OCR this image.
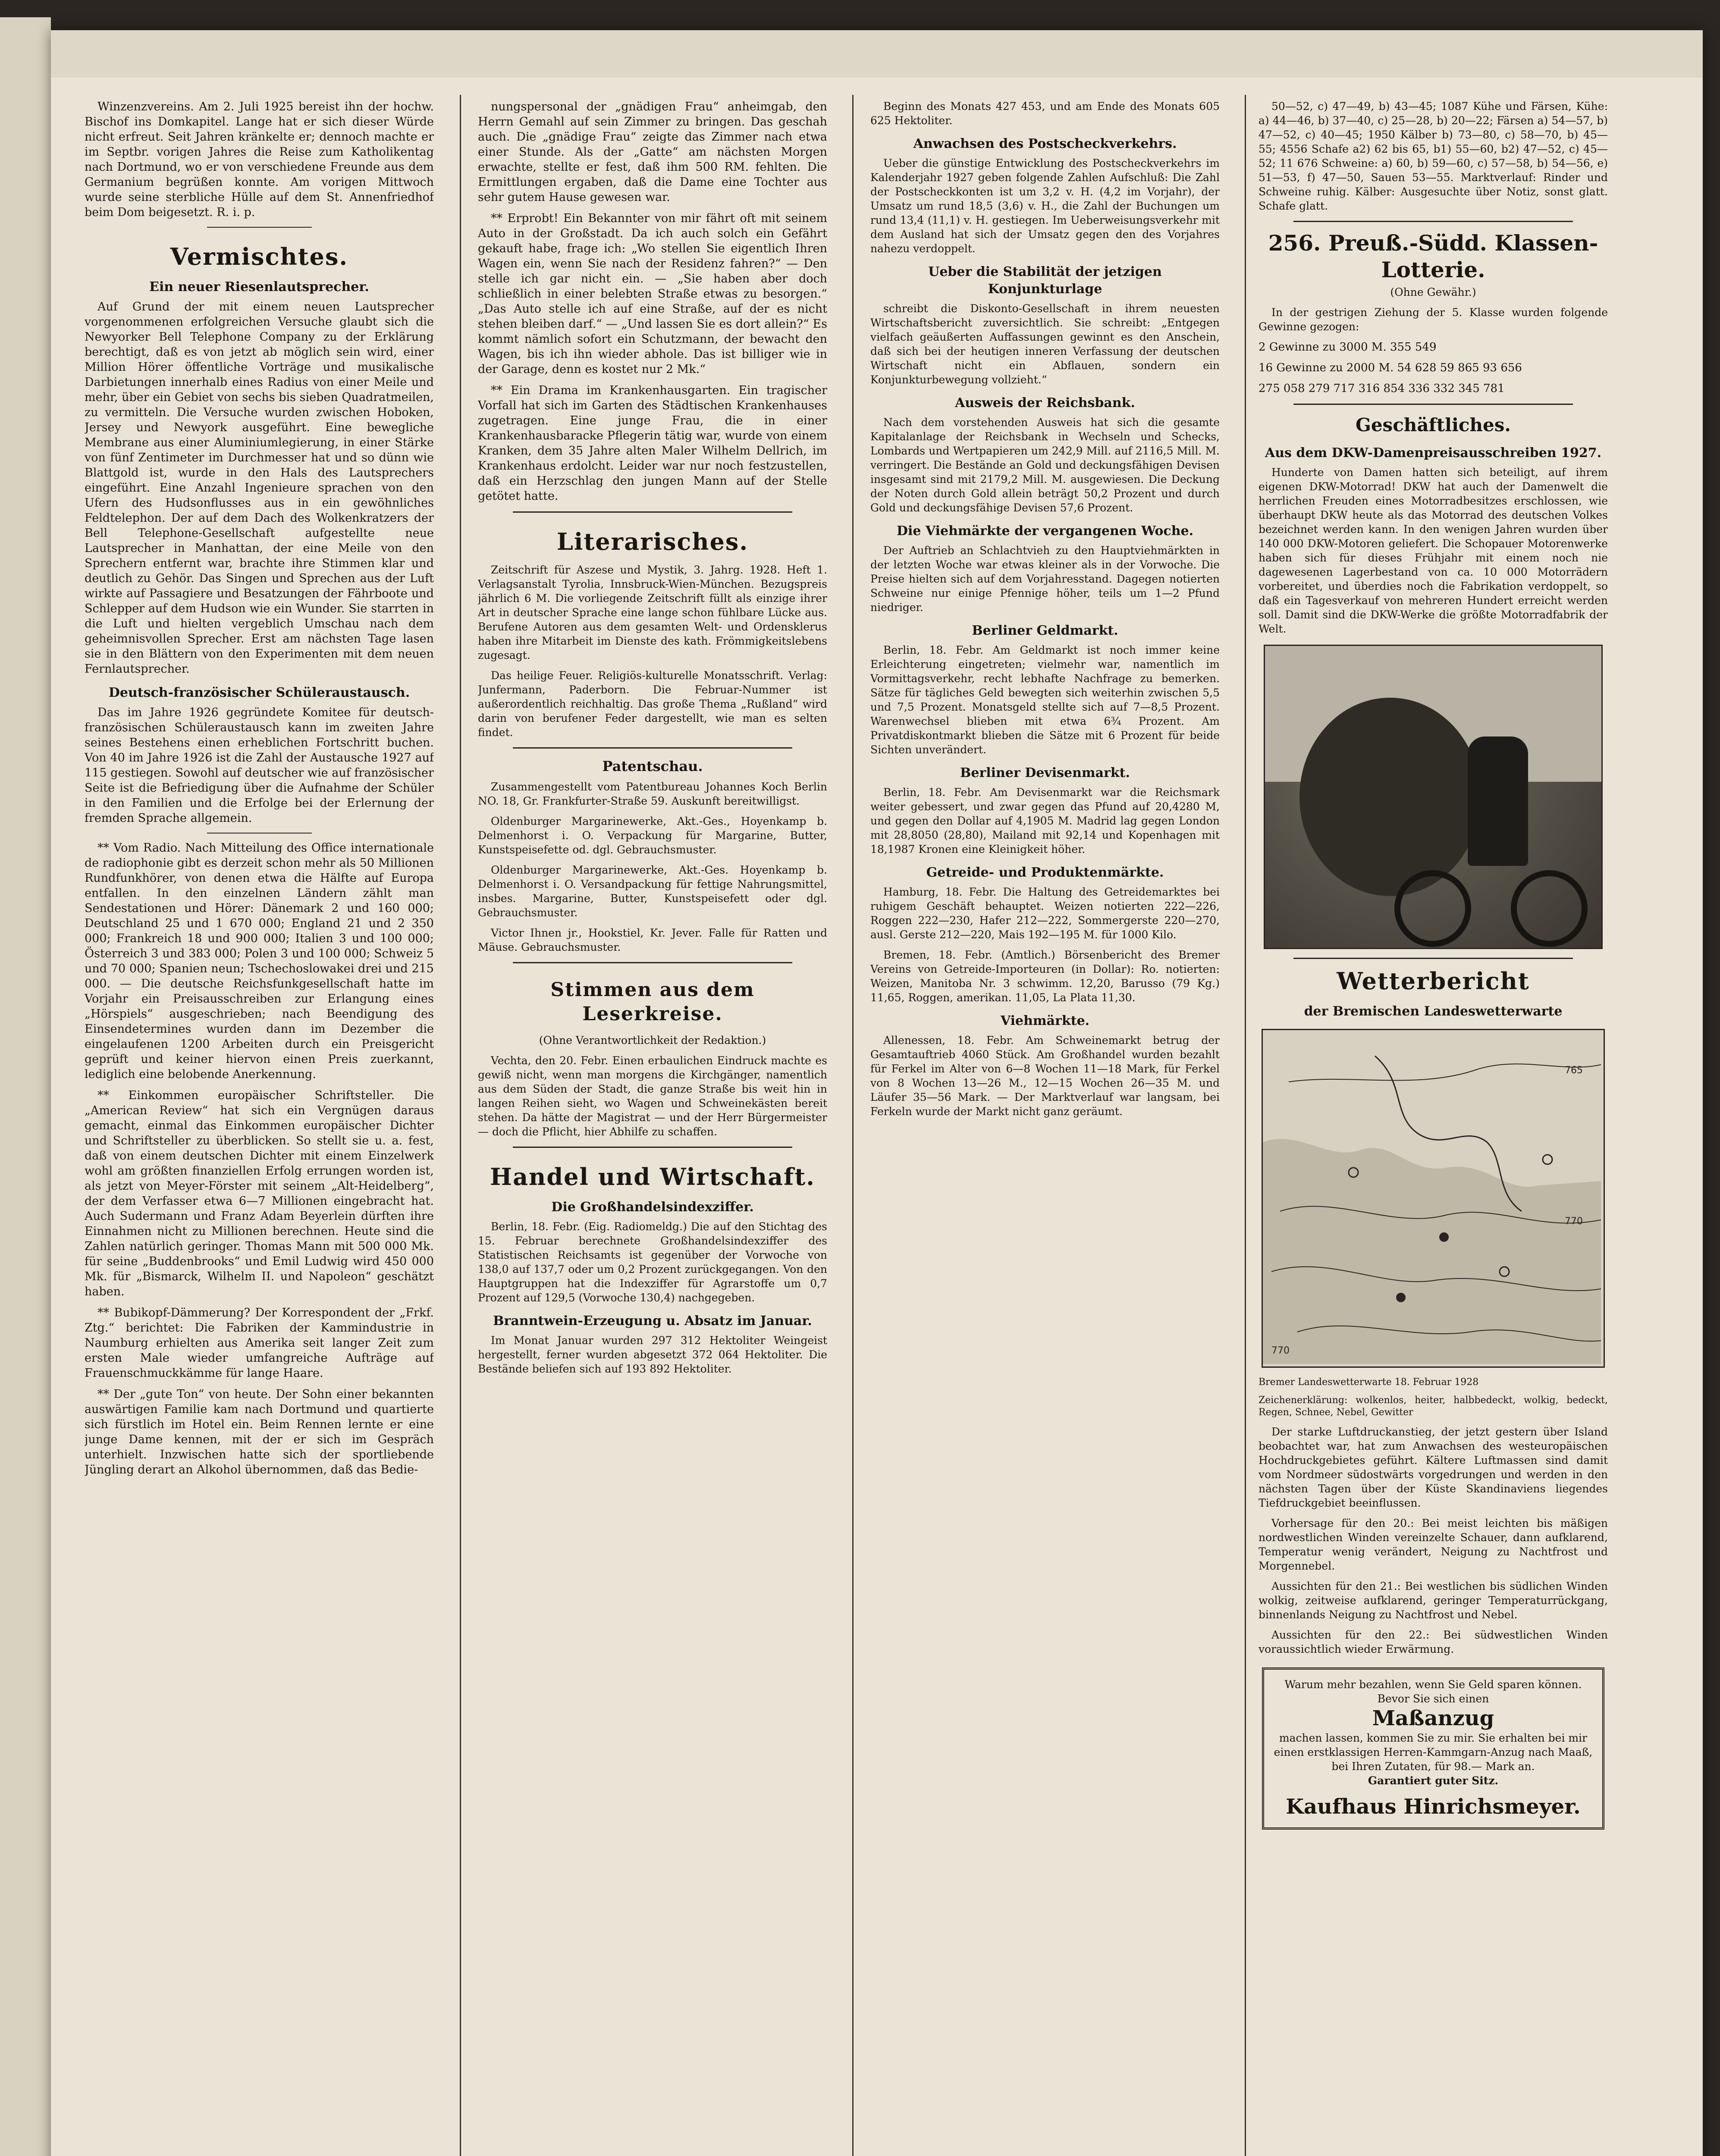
Winzenzvereins. Am 2. Juli 1925 bereist ihn der hochw. Bischof ins Domkapitel. Lange hat er sich dieser Würde nicht erfreut. Seit Jahren kränkelte er; dennoch machte er im Septbr. vorigen Jahres die Reise zum Katholikentag nach Dortmund, wo er von verschiedene Freunde aus dem Germanium begrüßen konnte. Am vorigen Mittwoch wurde seine sterbliche Hülle auf dem St. Annenfriedhof beim Dom beigesetzt. R. i. p.

Vermischtes.
Ein neuer Riesenlautsprecher.

Auf Grund der mit einem neuen Lautsprecher vorgenommenen erfolgreichen Versuche glaubt sich die Newyorker Bell Telephone Company zu der Erklärung berechtigt, daß es von jetzt ab möglich sein wird, einer Million Hörer öffentliche Vorträge und musikalische Darbietungen innerhalb eines Radius von einer Meile und mehr, über ein Gebiet von sechs bis sieben Quadratmeilen, zu vermitteln. Die Versuche wurden zwischen Hoboken, Jersey und Newyork ausgeführt. Eine bewegliche Membrane aus einer Aluminiumlegierung, in einer Stärke von fünf Zentimeter im Durchmesser hat und so dünn wie Blattgold ist, wurde in den Hals des Lautsprechers eingeführt. Eine Anzahl Ingenieure sprachen von den Ufern des Hudsonflusses aus in ein gewöhnliches Feldtelephon. Der auf dem Dach des Wolkenkratzers der Bell Telephone-Gesellschaft aufgestellte neue Lautsprecher in Manhattan, der eine Meile von den Sprechern entfernt war, brachte ihre Stimmen klar und deutlich zu Gehör. Das Singen und Sprechen aus der Luft wirkte auf Passagiere und Besatzungen der Fährboote und Schlepper auf dem Hudson wie ein Wunder. Sie starrten in die Luft und hielten vergeblich Umschau nach dem geheimnisvollen Sprecher. Erst am nächsten Tage lasen sie in den Blättern von den Experimenten mit dem neuen Fernlautsprecher.

Deutsch-französischer Schüleraustausch.

Das im Jahre 1926 gegründete Komitee für deutsch-französischen Schüleraustausch kann im zweiten Jahre seines Bestehens einen erheblichen Fortschritt buchen. Von 40 im Jahre 1926 ist die Zahl der Austausche 1927 auf 115 gestiegen. Sowohl auf deutscher wie auf französischer Seite ist die Befriedigung über die Aufnahme der Schüler in den Familien und die Erfolge bei der Erlernung der fremden Sprache allgemein.

** Vom Radio. Nach Mitteilung des Office internationale de radiophonie gibt es derzeit schon mehr als 50 Millionen Rundfunkhörer, von denen etwa die Hälfte auf Europa entfallen. In den einzelnen Ländern zählt man Sendestationen und Hörer: Dänemark 2 und 160 000; Deutschland 25 und 1 670 000; England 21 und 2 350 000; Frankreich 18 und 900 000; Italien 3 und 100 000; Österreich 3 und 383 000; Polen 3 und 100 000; Schweiz 5 und 70 000; Spanien neun; Tschechoslowakei drei und 215 000. — Die deutsche Reichsfunkgesellschaft hatte im Vorjahr ein Preisausschreiben zur Erlangung eines „Hörspiels“ ausgeschrieben; nach Beendigung des Einsendetermines wurden dann im Dezember die eingelaufenen 1200 Arbeiten durch ein Preisgericht geprüft und keiner hiervon einen Preis zuerkannt, lediglich eine belobende Anerkennung.

** Einkommen europäischer Schriftsteller. Die „American Review“ hat sich ein Vergnügen daraus gemacht, einmal das Einkommen europäischer Dichter und Schriftsteller zu überblicken. So stellt sie u. a. fest, daß von einem deutschen Dichter mit einem Einzelwerk wohl am größten finanziellen Erfolg errungen worden ist, als jetzt von Meyer-Förster mit seinem „Alt-Heidelberg“, der dem Verfasser etwa 6—7 Millionen eingebracht hat. Auch Sudermann und Franz Adam Beyerlein dürften ihre Einnahmen nicht zu Millionen berechnen. Heute sind die Zahlen natürlich geringer. Thomas Mann mit 500 000 Mk. für seine „Buddenbrooks“ und Emil Ludwig wird 450 000 Mk. für „Bismarck, Wilhelm II. und Napoleon“ geschätzt haben.

** Bubikopf-Dämmerung? Der Korrespondent der „Frkf. Ztg.“ berichtet: Die Fabriken der Kammindustrie in Naumburg erhielten aus Amerika seit langer Zeit zum ersten Male wieder umfangreiche Aufträge auf Frauenschmuckkämme für lange Haare.

** Der „gute Ton“ von heute. Der Sohn einer bekannten auswärtigen Familie kam nach Dortmund und quartierte sich fürstlich im Hotel ein. Beim Rennen lernte er eine junge Dame kennen, mit der er sich im Gespräch unterhielt. Inzwischen hatte sich der sportliebende Jüngling derart an Alkohol übernommen, daß das Bedie-

nungspersonal der „gnädigen Frau“ anheimgab, den Herrn Gemahl auf sein Zimmer zu bringen. Das geschah auch. Die „gnädige Frau“ zeigte das Zimmer nach etwa einer Stunde. Als der „Gatte“ am nächsten Morgen erwachte, stellte er fest, daß ihm 500 RM. fehlten. Die Ermittlungen ergaben, daß die Dame eine Tochter aus sehr gutem Hause gewesen war.

** Erprobt! Ein Bekannter von mir fährt oft mit seinem Auto in der Großstadt. Da ich auch solch ein Gefährt gekauft habe, frage ich: „Wo stellen Sie eigentlich Ihren Wagen ein, wenn Sie nach der Residenz fahren?“ — Den stelle ich gar nicht ein. — „Sie haben aber doch schließlich in einer belebten Straße etwas zu besorgen.“ „Das Auto stelle ich auf eine Straße, auf der es nicht stehen bleiben darf.“ — „Und lassen Sie es dort allein?“ Es kommt nämlich sofort ein Schutzmann, der bewacht den Wagen, bis ich ihn wieder abhole. Das ist billiger wie in der Garage, denn es kostet nur 2 Mk.“

** Ein Drama im Krankenhausgarten. Ein tragischer Vorfall hat sich im Garten des Städtischen Krankenhauses zugetragen. Eine junge Frau, die in einer Krankenhausbaracke Pflegerin tätig war, wurde von einem Kranken, dem 35 Jahre alten Maler Wilhelm Dellrich, im Krankenhaus erdolcht. Leider war nur noch festzustellen, daß ein Herzschlag den jungen Mann auf der Stelle getötet hatte.

Literarisches.

Zeitschrift für Aszese und Mystik, 3. Jahrg. 1928. Heft 1. Verlagsanstalt Tyrolia, Innsbruck-Wien-München. Bezugspreis jährlich 6 M. Die vorliegende Zeitschrift füllt als einzige ihrer Art in deutscher Sprache eine lange schon fühlbare Lücke aus. Berufene Autoren aus dem gesamten Welt- und Ordensklerus haben ihre Mitarbeit im Dienste des kath. Frömmigkeitslebens zugesagt.

Das heilige Feuer. Religiös-kulturelle Monatsschrift. Verlag: Junfermann, Paderborn. Die Februar-Nummer ist außerordentlich reichhaltig. Das große Thema „Rußland“ wird darin von berufener Feder dargestellt, wie man es selten findet.

Patentschau.

Zusammengestellt vom Patentbureau Johannes Koch Berlin NO. 18, Gr. Frankfurter-Straße 59. Auskunft bereitwilligst.

Oldenburger Margarinewerke, Akt.-Ges., Hoyenkamp b. Delmenhorst i. O. Verpackung für Margarine, Butter, Kunstspeisefette od. dgl. Gebrauchsmuster.

Oldenburger Margarinewerke, Akt.-Ges. Hoyenkamp b. Delmenhorst i. O. Versandpackung für fettige Nahrungsmittel, insbes. Margarine, Butter, Kunstspeisefett oder dgl. Gebrauchsmuster.

Victor Ihnen jr., Hookstiel, Kr. Jever. Falle für Ratten und Mäuse. Gebrauchsmuster.

Stimmen aus dem Leserkreise.

(Ohne Verantwortlichkeit der Redaktion.)

Vechta, den 20. Febr. Einen erbaulichen Eindruck machte es gewiß nicht, wenn man morgens die Kirchgänger, namentlich aus dem Süden der Stadt, die ganze Straße bis weit hin in langen Reihen sieht, wo Wagen und Schweinekästen bereit stehen. Da hätte der Magistrat — und der Herr Bürgermeister — doch die Pflicht, hier Abhilfe zu schaffen.

Handel und Wirtschaft.
Die Großhandelsindexziffer.

Berlin, 18. Febr. (Eig. Radiomeldg.) Die auf den Stichtag des 15. Februar berechnete Großhandelsindexziffer des Statistischen Reichsamts ist gegenüber der Vorwoche von 138,0 auf 137,7 oder um 0,2 Prozent zurückgegangen. Von den Hauptgruppen hat die Indexziffer für Agrarstoffe um 0,7 Prozent auf 129,5 (Vorwoche 130,4) nachgegeben.

Branntwein-Erzeugung u. Absatz im Januar.

Im Monat Januar wurden 297 312 Hektoliter Weingeist hergestellt, ferner wurden abgesetzt 372 064 Hektoliter. Die Bestände beliefen sich auf 193 892 Hektoliter.

Beginn des Monats 427 453, und am Ende des Monats 605 625 Hektoliter.

Anwachsen des Postscheckverkehrs.

Ueber die günstige Entwicklung des Postscheckverkehrs im Kalenderjahr 1927 geben folgende Zahlen Aufschluß: Die Zahl der Postscheckkonten ist um 3,2 v. H. (4,2 im Vorjahr), der Umsatz um rund 18,5 (3,6) v. H., die Zahl der Buchungen um rund 13,4 (11,1) v. H. gestiegen. Im Ueberweisungsverkehr mit dem Ausland hat sich der Umsatz gegen den des Vorjahres nahezu verdoppelt.

Ueber die Stabilität der jetzigen Konjunkturlage

schreibt die Diskonto-Gesellschaft in ihrem neuesten Wirtschaftsbericht zuversichtlich. Sie schreibt: „Entgegen vielfach geäußerten Auffassungen gewinnt es den Anschein, daß sich bei der heutigen inneren Verfassung der deutschen Wirtschaft nicht ein Abflauen, sondern ein Konjunkturbewegung vollzieht.“

Ausweis der Reichsbank.

Nach dem vorstehenden Ausweis hat sich die gesamte Kapitalanlage der Reichsbank in Wechseln und Schecks, Lombards und Wertpapieren um 242,9 Mill. auf 2116,5 Mill. M. verringert. Die Bestände an Gold und deckungsfähigen Devisen insgesamt sind mit 2179,2 Mill. M. ausgewiesen. Die Deckung der Noten durch Gold allein beträgt 50,2 Prozent und durch Gold und deckungsfähige Devisen 57,6 Prozent.

Die Viehmärkte der vergangenen Woche.

Der Auftrieb an Schlachtvieh zu den Hauptviehmärkten in der letzten Woche war etwas kleiner als in der Vorwoche. Die Preise hielten sich auf dem Vorjahresstand. Dagegen notierten Schweine nur einige Pfennige höher, teils um 1—2 Pfund niedriger.

Berliner Geldmarkt.

Berlin, 18. Febr. Am Geldmarkt ist noch immer keine Erleichterung eingetreten; vielmehr war, namentlich im Vormittagsverkehr, recht lebhafte Nachfrage zu bemerken. Sätze für tägliches Geld bewegten sich weiterhin zwischen 5,5 und 7,5 Prozent. Monatsgeld stellte sich auf 7—8,5 Prozent. Warenwechsel blieben mit etwa 6¾ Prozent. Am Privatdiskontmarkt blieben die Sätze mit 6 Prozent für beide Sichten unverändert.

Berliner Devisenmarkt.

Berlin, 18. Febr. Am Devisenmarkt war die Reichsmark weiter gebessert, und zwar gegen das Pfund auf 20,4280 M, und gegen den Dollar auf 4,1905 M. Madrid lag gegen London mit 28,8050 (28,80), Mailand mit 92,14 und Kopenhagen mit 18,1987 Kronen eine Kleinigkeit höher.

Getreide- und Produktenmärkte.

Hamburg, 18. Febr. Die Haltung des Getreidemarktes bei ruhigem Geschäft behauptet. Weizen notierten 222—226, Roggen 222—230, Hafer 212—222, Sommergerste 220—270, ausl. Gerste 212—220, Mais 192—195 M. für 1000 Kilo.

Bremen, 18. Febr. (Amtlich.) Börsenbericht des Bremer Vereins von Getreide-Importeuren (in Dollar): Ro. notierten: Weizen, Manitoba Nr. 3 schwimm. 12,20, Barusso (79 Kg.) 11,65, Roggen, amerikan. 11,05, La Plata 11,30.

Viehmärkte.

Allenessen, 18. Febr. Am Schweinemarkt betrug der Gesamtauftrieb 4060 Stück. Am Großhandel wurden bezahlt für Ferkel im Alter von 6—8 Wochen 11—18 Mark, für Ferkel von 8 Wochen 13—26 M., 12—15 Wochen 26—35 M. und Läufer 35—56 Mark. — Der Marktverlauf war langsam, bei Ferkeln wurde der Markt nicht ganz geräumt.

50—52, c) 47—49, b) 43—45; 1087 Kühe und Färsen, Kühe: a) 44—46, b) 37—40, c) 25—28, b) 20—22; Färsen a) 54—57, b) 47—52, c) 40—45; 1950 Kälber b) 73—80, c) 58—70, b) 45—55; 4556 Schafe a2) 62 bis 65, b1) 55—60, b2) 47—52, c) 45—52; 11 676 Schweine: a) 60, b) 59—60, c) 57—58, b) 54—56, e) 51—53, f) 47—50, Sauen 53—55. Marktverlauf: Rinder und Schweine ruhig. Kälber: Ausgesuchte über Notiz, sonst glatt. Schafe glatt.

256. Preuß.-Südd. Klassen-Lotterie.

(Ohne Gewähr.)

In der gestrigen Ziehung der 5. Klasse wurden folgende Gewinne gezogen:

2 Gewinne zu 3000 M. 355 549

16 Gewinne zu 2000 M. 54 628 59 865 93 656

275 058 279 717 316 854 336 332 345 781

Geschäftliches.
Aus dem DKW-Damenpreisausschreiben 1927.

Hunderte von Damen hatten sich beteiligt, auf ihrem eigenen DKW-Motorrad! DKW hat auch der Damenwelt die herrlichen Freuden eines Motorradbesitzes erschlossen, wie überhaupt DKW heute als das Motorrad des deutschen Volkes bezeichnet werden kann. In den wenigen Jahren wurden über 140 000 DKW-Motoren geliefert. Die Schopauer Motorenwerke haben sich für dieses Frühjahr mit einem noch nie dagewesenen Lagerbestand von ca. 10 000 Motorrädern vorbereitet, und überdies noch die Fabrikation verdoppelt, so daß ein Tagesverkauf von mehreren Hundert erreicht werden soll. Damit sind die DKW-Werke die größte Motorradfabrik der Welt.

Wetterbericht
der Bremischen Landeswetterwarte
765
770
770

Bremer Landeswetterwarte 18. Februar 1928

Zeichenerklärung: wolkenlos, heiter, halbbedeckt, wolkig, bedeckt, Regen, Schnee, Nebel, Gewitter

Der starke Luftdruckanstieg, der jetzt gestern über Island beobachtet war, hat zum Anwachsen des westeuropäischen Hochdruckgebietes geführt. Kältere Luftmassen sind damit vom Nordmeer südostwärts vorgedrungen und werden in den nächsten Tagen über der Küste Skandinaviens liegendes Tiefdruckgebiet beeinflussen.

Vorhersage für den 20.: Bei meist leichten bis mäßigen nordwestlichen Winden vereinzelte Schauer, dann aufklarend, Temperatur wenig verändert, Neigung zu Nachtfrost und Morgennebel.

Aussichten für den 21.: Bei westlichen bis südlichen Winden wolkig, zeitweise aufklarend, geringer Temperaturrückgang, binnenlands Neigung zu Nachtfrost und Nebel.

Aussichten für den 22.: Bei südwestlichen Winden voraussichtlich wieder Erwärmung.

Warum mehr bezahlen, wenn Sie Geld sparen können. Bevor Sie sich einen
Maßanzug
machen lassen, kommen Sie zu mir. Sie erhalten bei mir einen erstklassigen Herren-Kammgarn-Anzug nach Maaß, bei Ihren Zutaten, für 98.— Mark an.
Garantiert guter Sitz.
Kaufhaus Hinrichsmeyer.
